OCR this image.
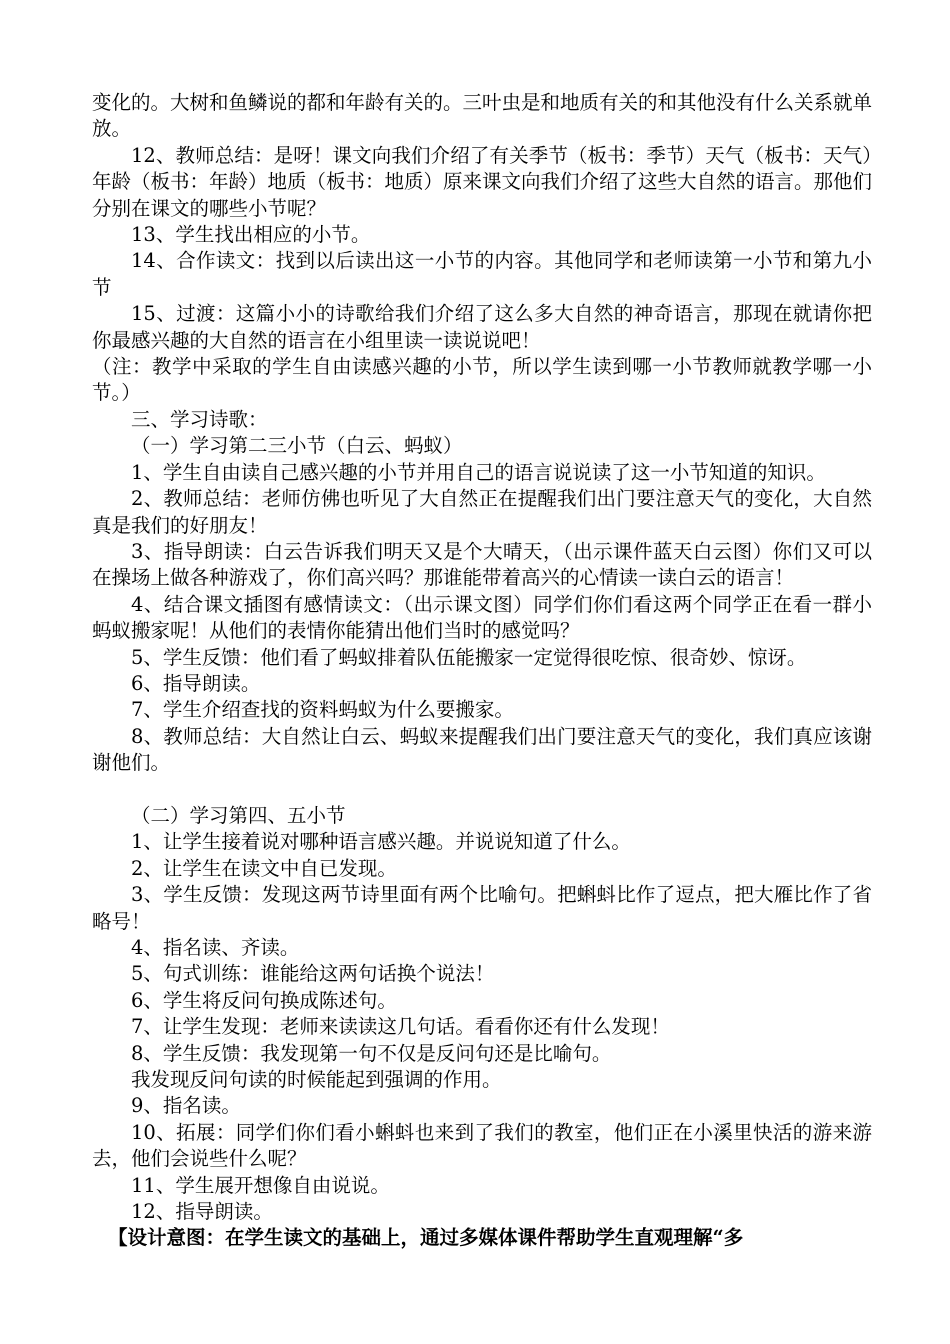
变化的。大树和鱼鳞说的都和年龄有关的。三叶虫是和地质有关的和其他没有什么关系就单放。

12、教师总结：是呀！课文向我们介绍了有关季节（板书：季节）天气（板书：天气）年龄（板书：年龄）地质（板书：地质）原来课文向我们介绍了这些大自然的语言。那他们分别在课文的哪些小节呢？

13、学生找出相应的小节。

14、合作读文：找到以后读出这一小节的内容。其他同学和老师读第一小节和第九小节

15、过渡：这篇小小的诗歌给我们介绍了这么多大自然的神奇语言，那现在就请你把你最感兴趣的大自然的语言在小组里读一读说说吧！

（注：教学中采取的学生自由读感兴趣的小节，所以学生读到哪一小节教师就教学哪一小节。）

三、学习诗歌：

（一）学习第二三小节（白云、蚂蚁）

1、学生自由读自己感兴趣的小节并用自己的语言说说读了这一小节知道的知识。

2、教师总结：老师仿佛也听见了大自然正在提醒我们出门要注意天气的变化，大自然真是我们的好朋友！

3、指导朗读：白云告诉我们明天又是个大晴天，（出示课件蓝天白云图）你们又可以在操场上做各种游戏了，你们高兴吗？那谁能带着高兴的心情读一读白云的语言！

4、结合课文插图有感情读文：（出示课文图）同学们你们看这两个同学正在看一群小蚂蚁搬家呢！从他们的表情你能猜出他们当时的感觉吗？

5、学生反馈：他们看了蚂蚁排着队伍能搬家一定觉得很吃惊、很奇妙、惊讶。

6、指导朗读。

7、学生介绍查找的资料蚂蚁为什么要搬家。

8、教师总结：大自然让白云、蚂蚁来提醒我们出门要注意天气的变化，我们真应该谢谢他们。

（二）学习第四、五小节

1、让学生接着说对哪种语言感兴趣。并说说知道了什么。

2、让学生在读文中自已发现。

3、学生反馈：发现这两节诗里面有两个比喻句。把蝌蚪比作了逗点，把大雁比作了省略号！

4、指名读、齐读。

5、句式训练：谁能给这两句话换个说法！

6、学生将反问句换成陈述句。

7、让学生发现：老师来读读这几句话。看看你还有什么发现！

8、学生反馈：我发现第一句不仅是反问句还是比喻句。

我发现反问句读的时候能起到强调的作用。

9、指名读。

10、拓展：同学们你们看小蝌蚪也来到了我们的教室，他们正在小溪里快活的游来游去，他们会说些什么呢？

11、学生展开想像自由说说。

12、指导朗读。

【设计意图：在学生读文的基础上，通过多媒体课件帮助学生直观理解“多
